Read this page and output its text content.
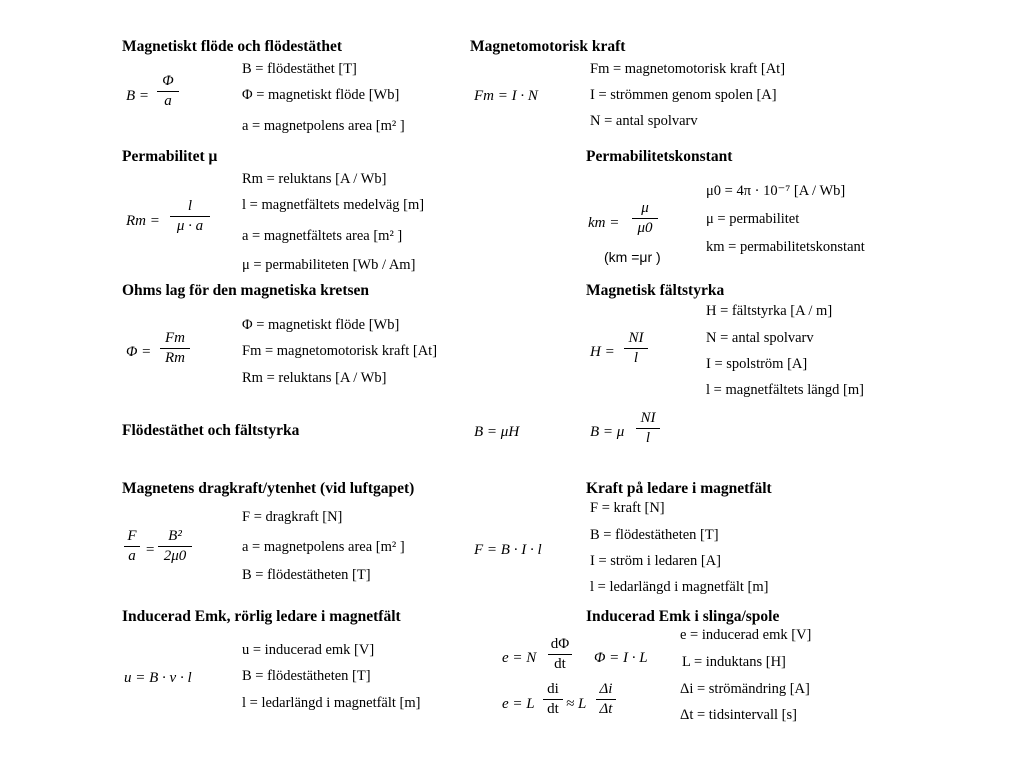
Magnetiskt flöde och flödestäthet
B =
Φ
a
B = flödestäthet [T]
Φ = magnetiskt flöde [Wb]
a = magnetpolens area [m² ]
Magnetomotorisk kraft
Fm = I · N
Fm = magnetomotorisk kraft [At]
I = strömmen genom spolen [A]
N = antal spolvarv
Permabilitet μ
Rm =
l
μ · a
Rm = reluktans [A / Wb]
l = magnetfältets medelväg [m]
a = magnetfältets area [m² ]
μ = permabiliteten [Wb / Am]
Permabilitetskonstant
km =
μ
μ0
(km =μr )
μ0 = 4π · 10⁻⁷ [A / Wb]
μ = permabilitet
km = permabilitetskonstant
Ohms lag för den magnetiska kretsen
Φ =
Fm
Rm
Φ = magnetiskt flöde [Wb]
Fm = magnetomotorisk kraft [At]
Rm = reluktans [A / Wb]
Magnetisk fältstyrka
H =
NI
l
H = fältstyrka [A / m]
N = antal spolvarv
I = spolström [A]
l = magnetfältets längd [m]
Flödestäthet och fältstyrka	B = μH	B = μ
NI
l
Magnetens dragkraft/ytenhet (vid luftgapet)
F
a =
B²
2μ0
F = dragkraft [N]
a = magnetpolens area [m² ]
B = flödestätheten [T]
F = B · I · l
Kraft på ledare i magnetfält
F = kraft [N]
B = flödestätheten [T]
I = ström i ledaren [A]
l = ledarlängd i magnetfält [m]
Inducerad Emk, rörlig ledare i magnetfält
u = B · v · l
u = inducerad emk [V]
B = flödestätheten [T]
l = ledarlängd i magnetfält [m]
Inducerad Emk i slinga/spole
e = N
dΦ
dt	Φ = I · L
e = L
di
dt ≈ L
Δi
Δt
e = inducerad emk [V]
L = induktans [H]
Δi = strömändring [A]
Δt = tidsintervall [s]
